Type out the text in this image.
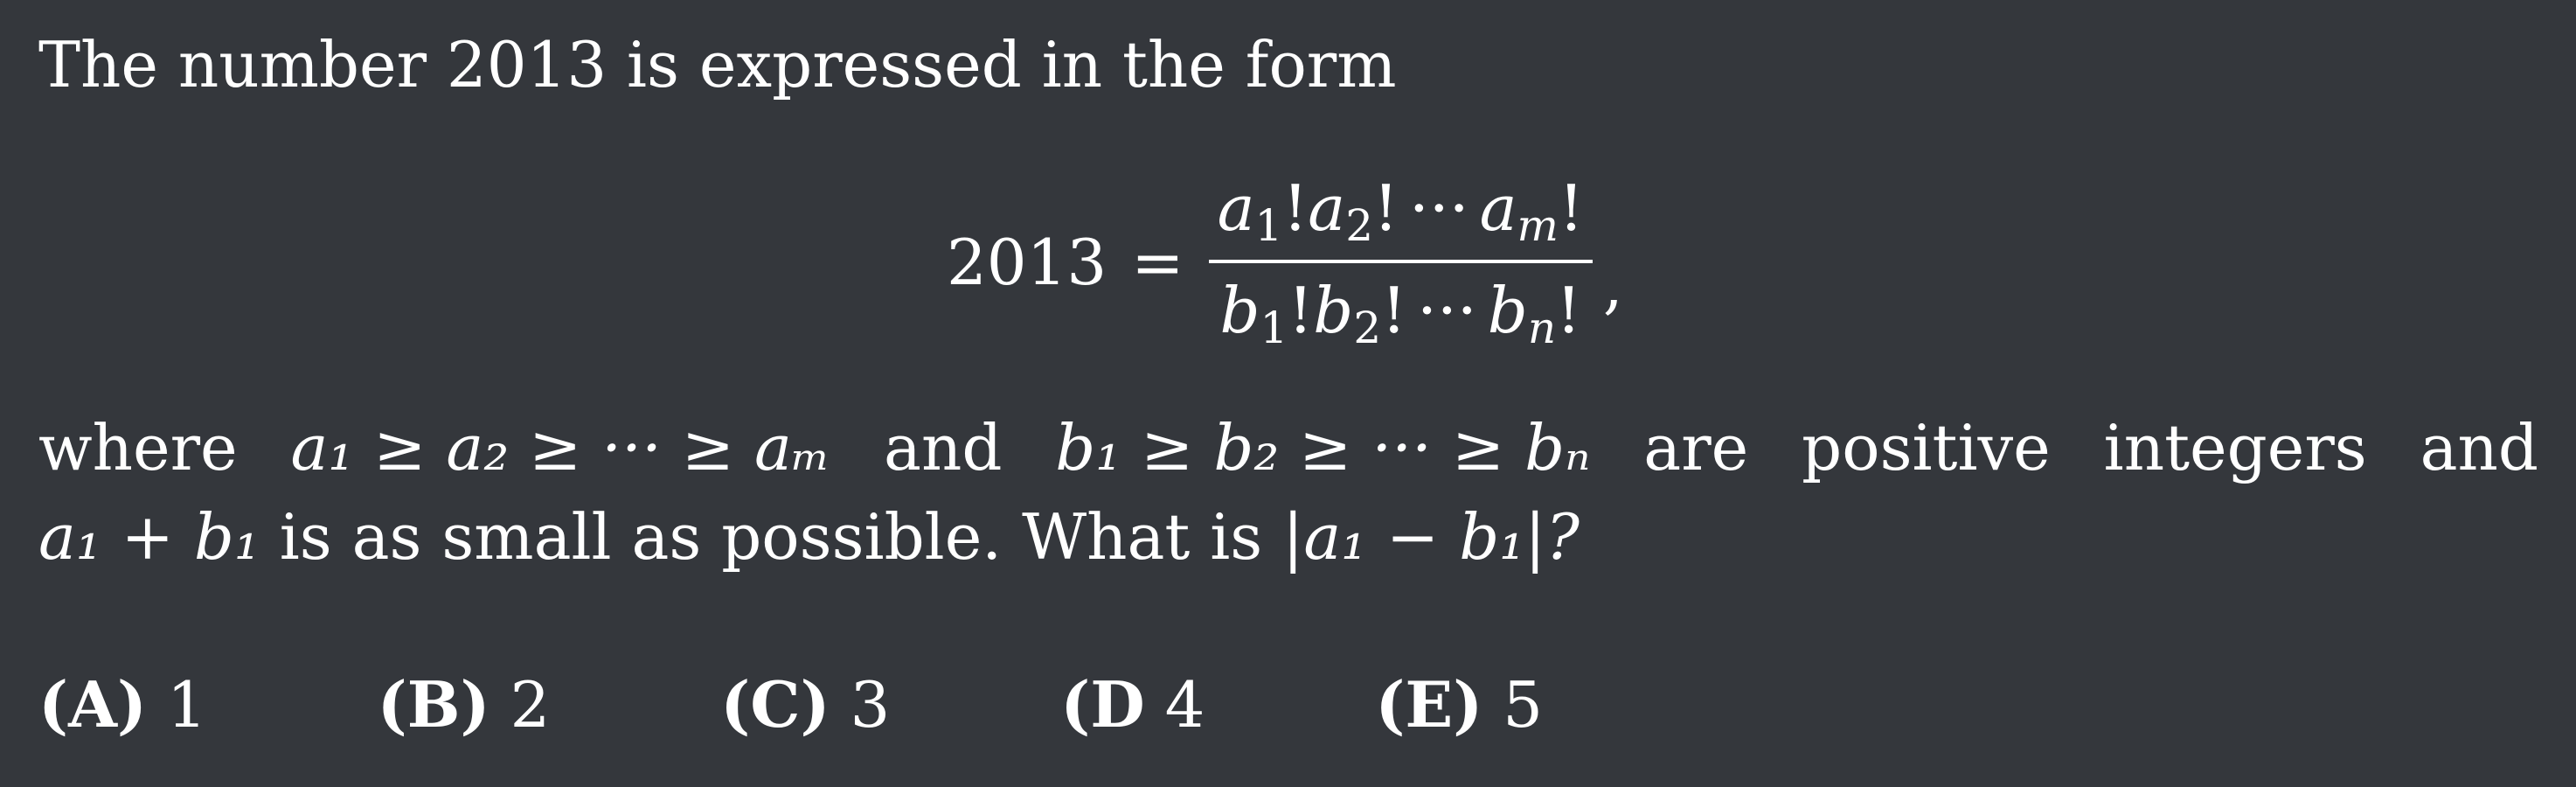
The number 2013 is expressed in the form
$2013 = \frac{a_1!a_2! \cdot\cdot\cdot a_m!}{b_1!b_2! \cdot\cdot\cdot b_n!}$ ,
where a₁ ≥ a₂ ≥ ··· ≥ aₘ and b₁ ≥ b₂ ≥ ··· ≥ bₙ are positive integers and
a₁ + b₁ is as small as possible. What is |a₁ − b₁|?
(A) 1	(B) 2	(C) 3	(D 4	(E) 5
